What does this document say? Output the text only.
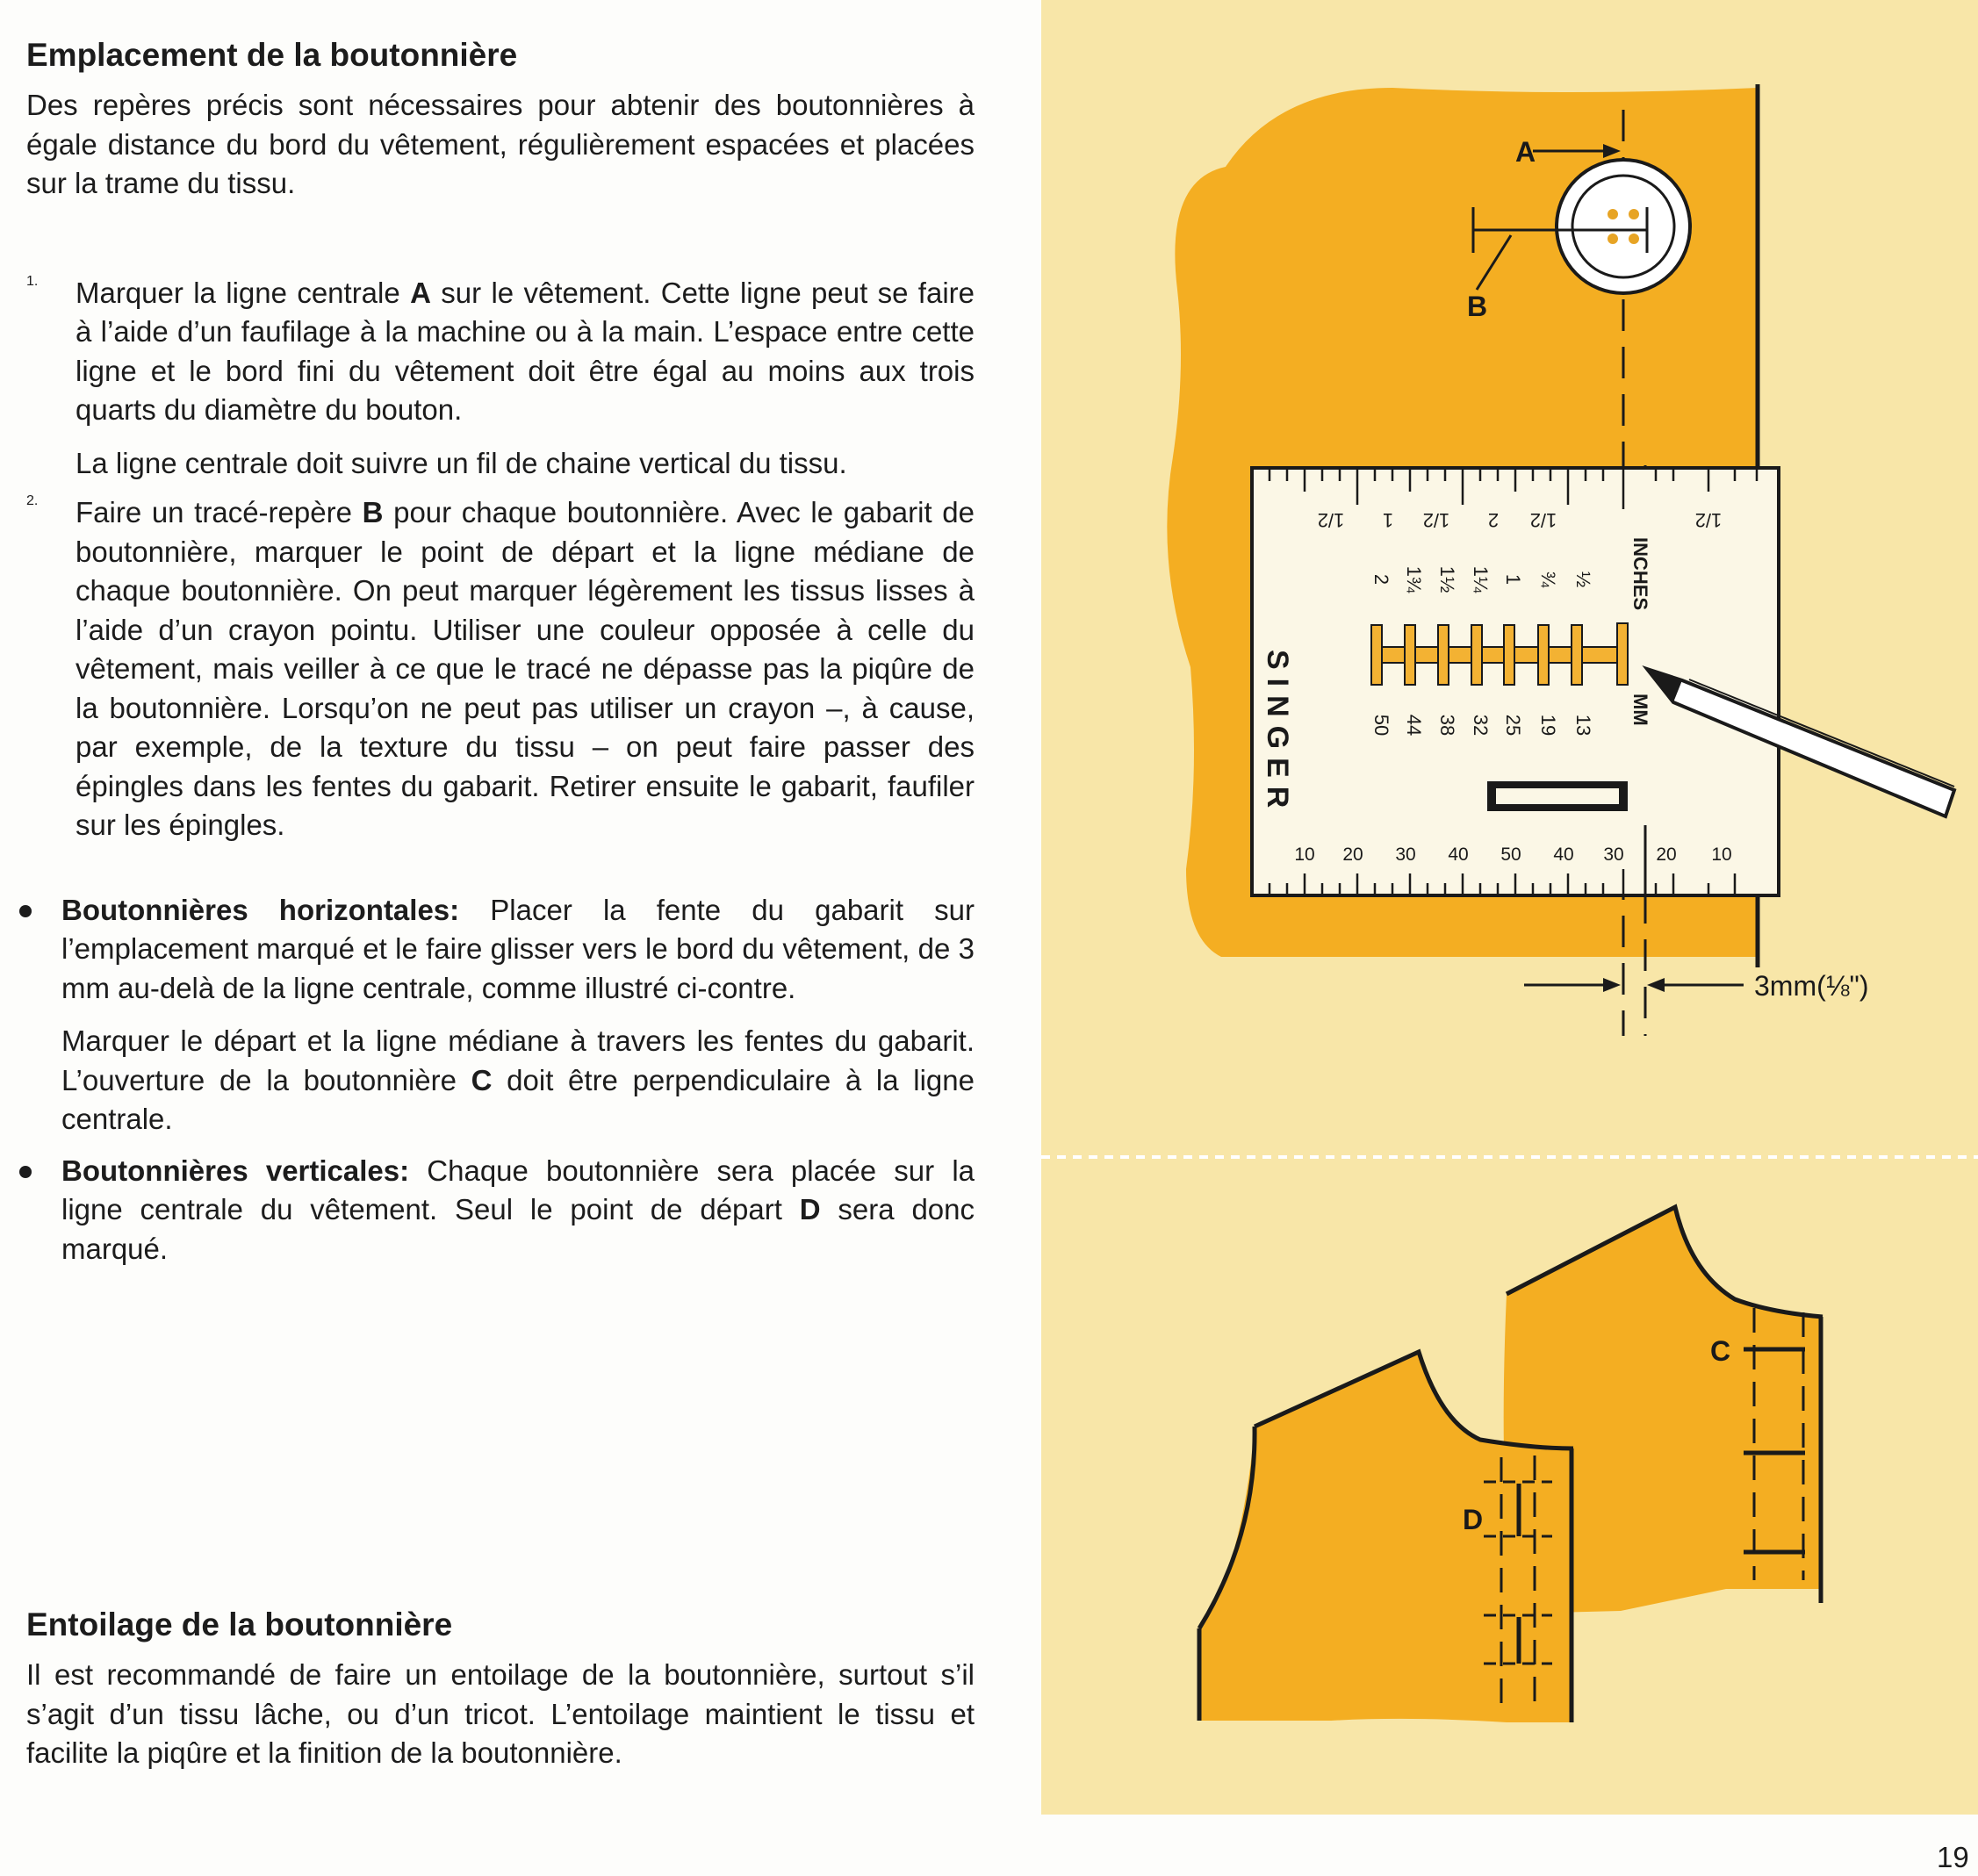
Emplacement de la boutonnière

Des repères précis sont nécessaires pour abtenir des boutonnières à égale distance du bord du vêtement, régulièrement espacées et placées sur la trame du tissu.

1. Marquer la ligne centrale A sur le vêtement. Cette ligne peut se faire à l’aide d’un faufilage à la machine ou à la main. L’espace entre cette ligne et le bord fini du vêtement doit être égal au moins aux trois quarts du diamètre du bouton.

La ligne centrale doit suivre un fil de chaine vertical du tissu.

2. Faire un tracé-repère B pour chaque boutonnière. Avec le gabarit de boutonnière, marquer le point de départ et la ligne médiane de chaque boutonnière. On peut marquer légèrement les tissus lisses à l’aide d’un crayon pointu. Utiliser une couleur opposée à celle du vêtement, mais veiller à ce que le tracé ne dépasse pas la piqûre de la boutonnière. Lorsqu’on ne peut pas utiliser un crayon –, à cause, par exemple, de la texture du tissu – on peut faire passer des épingles dans les fentes du gabarit. Retirer ensuite le gabarit, faufiler sur les épingles.

Boutonnières horizontales: Placer la fente du gabarit sur l’emplacement marqué et le faire glisser vers le bord du vêtement, de 3 mm au-delà de la ligne centrale, comme illustré ci-contre.

Marquer le départ et la ligne médiane à travers les fentes du gabarit. L’ouverture de la boutonnière C doit être perpendiculaire à la ligne centrale.

Boutonnières verticales: Chaque boutonnière sera placée sur la ligne centrale du vêtement. Seul le point de départ D sera donc marqué.

Entoilage de la boutonnière

Il est recommandé de faire un entoilage de la boutonnière, surtout s’il s’agit d’un tissu lâche, ou d’un tricot. L’entoilage maintient le tissu et facilite la piqûre et la finition de la boutonnière.

B
A
1/2 1 1/2 2 1/2	1/2
INCHES
MM
½
¾
1
1¼
1½
1¾
2
13
19
25
32
38
44
50
SINGER
10 20 30 40 50 40 30 20 10
3mm(⅛")
C
D
19
